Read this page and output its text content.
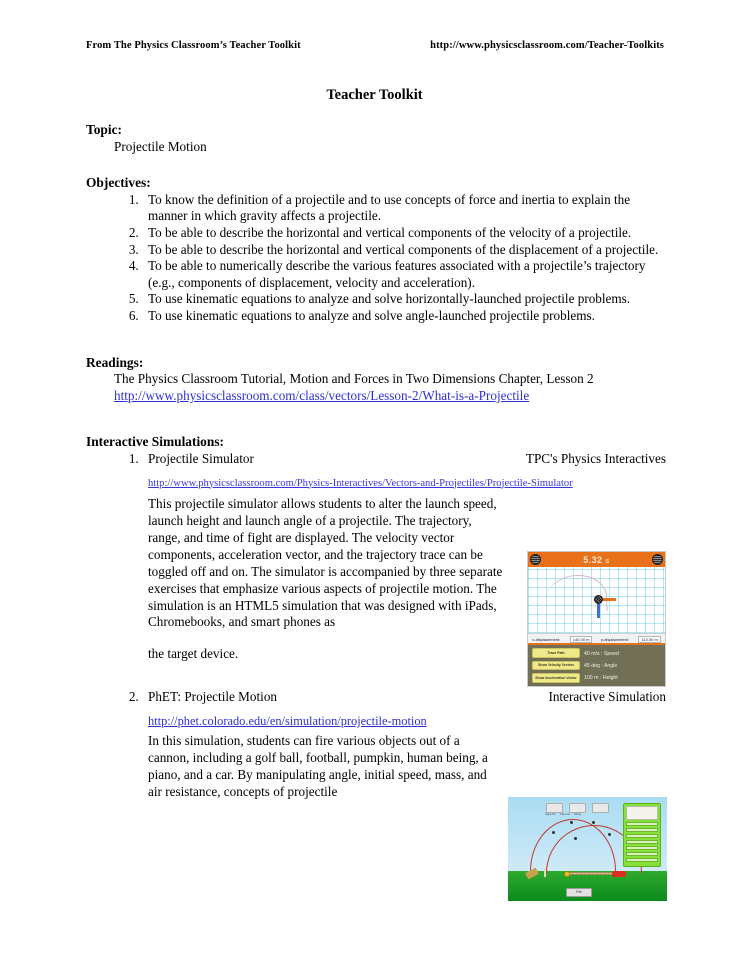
From The Physics Classroom’s Teacher Toolkit	http://www.physicsclassroom.com/Teacher-Toolkits
Teacher Toolkit
Topic:
Projectile Motion
Objectives:
1. To know the definition of a projectile and to use concepts of force and inertia to explain the manner in which gravity affects a projectile.
2. To be able to describe the horizontal and vertical components of the velocity of a projectile.
3. To be able to describe the horizontal and vertical components of the displacement of a projectile.
4. To be able to numerically describe the various features associated with a projectile’s trajectory (e.g., components of displacement, velocity and acceleration).
5. To use kinematic equations to analyze and solve horizontally-launched projectile problems.
6. To use kinematic equations to analyze and solve angle-launched projectile problems.
Readings:
The Physics Classroom Tutorial, Motion and Forces in Two Dimensions Chapter, Lesson 2
http://www.physicsclassroom.com/class/vectors/Lesson-2/What-is-a-Projectile
Interactive Simulations:
1. Projectile Simulator	TPC's Physics Interactives
http://www.physicsclassroom.com/Physics-Interactives/Vectors-and-Projectiles/Projectile-Simulator

This projectile simulator allows students to alter the launch speed, launch height and launch angle of a projectile. The trajectory, range, and time of fight are displayed. The velocity vector components, acceleration vector, and the trajectory trace can be toggled off and on. The simulator is accompanied by three separate exercises that emphasize various aspects of projectile motion. The simulation is an HTML5 simulation that was designed with iPads, Chromebooks, and smart phones as

the target device.

2. PhET: Projectile Motion	Interactive Simulation
http://phet.colorado.edu/en/simulation/projectile-motion

In this simulation, students can fire various objects out of a cannon, including a golf ball, football, pumpkin, human being, a piano, and a car. By manipulating angle, initial speed, mass, and air resistance, concepts of projectile

5.32 s
· · · ·
· · · · · · · · · ·
x-displacement:	140.00 m	y-displacement:	113.50 m
Trace Path
Show Velocity Vectors
Show Acceleration Vector
40 m/s : Speed
45 deg : Angle
100 m : Height
Tape M. Cannon Drag
Fire
